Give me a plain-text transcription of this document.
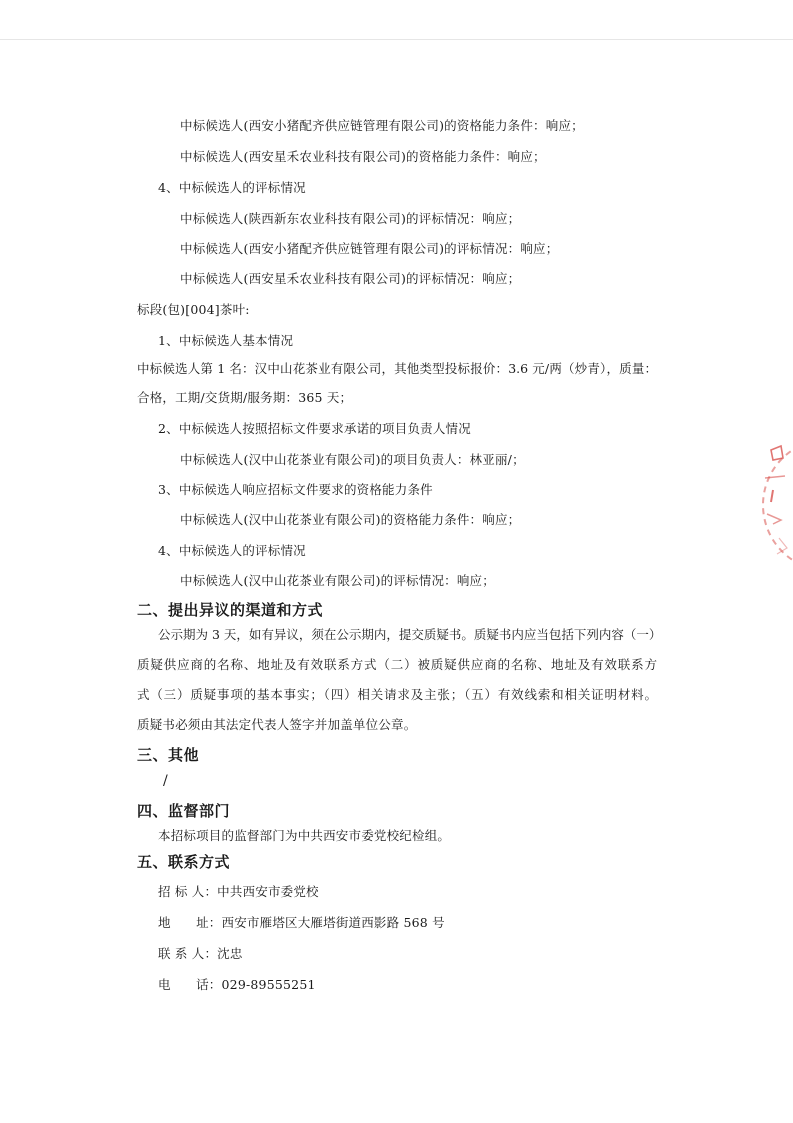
中标候选人(西安小猪配齐供应链管理有限公司)的资格能力条件：响应；
中标候选人(西安星禾农业科技有限公司)的资格能力条件：响应；
4、中标候选人的评标情况
中标候选人(陕西新东农业科技有限公司)的评标情况：响应；
中标候选人(西安小猪配齐供应链管理有限公司)的评标情况：响应；
中标候选人(西安星禾农业科技有限公司)的评标情况：响应；
标段(包)[004]茶叶:
1、中标候选人基本情况
中标候选人第 1 名：汉中山花茶业有限公司，其他类型投标报价：3.6 元/两（炒青），质量：
合格，工期/交货期/服务期：365 天；
2、中标候选人按照招标文件要求承诺的项目负责人情况
中标候选人(汉中山花茶业有限公司)的项目负责人：林亚丽/；
3、中标候选人响应招标文件要求的资格能力条件
中标候选人(汉中山花茶业有限公司)的资格能力条件：响应；
4、中标候选人的评标情况
中标候选人(汉中山花茶业有限公司)的评标情况：响应；
二、提出异议的渠道和方式
公示期为 3 天，如有异议，须在公示期内，提交质疑书。质疑书内应当包括下列内容（一）
质疑供应商的名称、地址及有效联系方式（二）被质疑供应商的名称、地址及有效联系方
式（三）质疑事项的基本事实；（四）相关请求及主张；（五）有效线索和相关证明材料。
质疑书必须由其法定代表人签字并加盖单位公章。
三、其他
/
四、监督部门
本招标项目的监督部门为中共西安市委党校纪检组。
五、联系方式
招 标 人：中共西安市委党校
地　　址：西安市雁塔区大雁塔街道西影路 568 号
联 系 人：沈忠
电　　话：029-89555251
